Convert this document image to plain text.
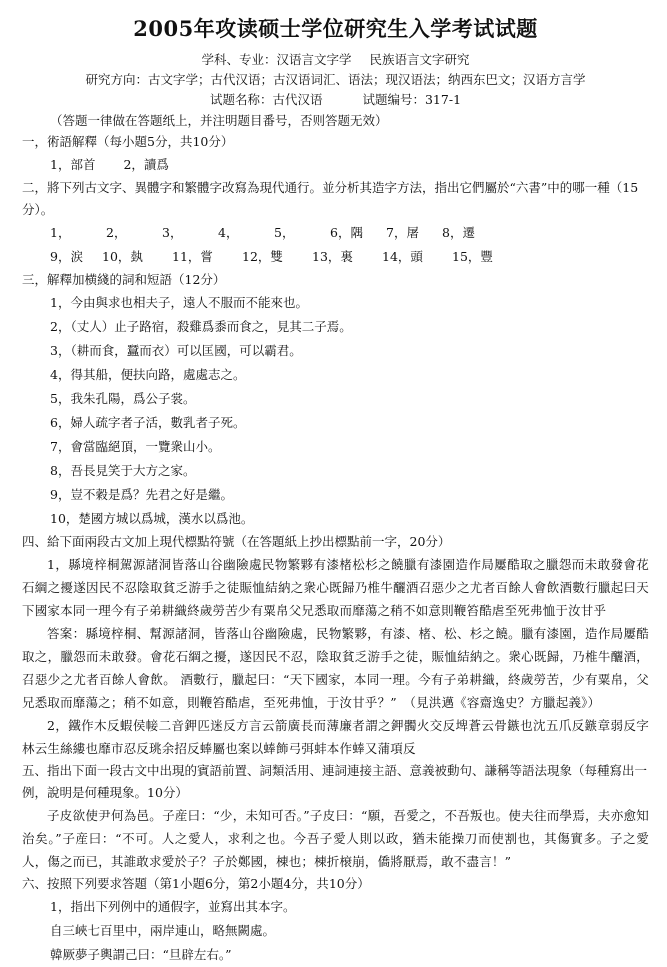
2005年攻读硕士学位研究生入学考试试题
学科、专业：汉语言文字学 民族语言文字研究
研究方向：古文字学；古代汉语；古汉语词汇、语法；现汉语法；纳西东巴文；汉语方言学
试题名称：古代汉语	试题编号：317-1
（答题一律做在答题纸上，并注明题目番号，否则答题无效）
一，術語解釋（每小題5分，共10分）
1，部首 2，讀爲
二，將下列古文字、異體字和繁體字改寫為現代通行。並分析其造字方法，指出它們屬於“六書”中的哪一種（15分）。
1，	2，	3，	4，	5，	6，隅	7，屠	8，遷
9，涙	10，埶	11，嘗	12，雙	13，裏	14，頭	15，豐
三，解釋加横綫的詞和短語（12分）
1，今由與求也相夫子，遠人不服而不能來也。
2，（丈人）止子路宿，殺雞爲黍而食之，見其二子焉。
3，（耕而食，蠶而衣）可以匡國，可以霸君。
4，得其船，便扶向路，處處志之。
5，我朱孔陽，爲公子裳。
6，婦人疏字者子活，數乳者子死。
7，會當臨絕頂，一覽衆山小。
8，吾長見笑于大方之家。
9，豈不穀是爲？先君之好是繼。
10，楚國方城以爲城，漢水以爲池。
四、給下面兩段古文加上現代標點符號（在答題紙上抄出標點前一字，20分）
1，縣境梓桐駕源諸洞皆落山谷幽險處民物繁夥有漆楮松杉之饒臘有漆園造作局屢酷取之臘怨而未敢發會花石綱之擾遂因民不忍陰取貧乏游手之徒賑恤結納之衆心既歸乃椎牛釃酒召惡少之尤者百餘人會飲酒數行臘起曰天下國家本同一理今有子弟耕織終歲勞苦少有粟帛父兄悉取而靡蕩之稍不如意則鞭笞酷虐至死弗恤于汝甘乎
答案：縣境梓桐、幫源諸洞，皆落山谷幽險處，民物繁夥，有漆、楮、松、杉之饒。臘有漆園，造作局屢酷取之，臘怨而未敢發。會花石綱之擾，遂因民不忍，陰取貧乏游手之徒，賑恤結納之。衆心既歸，乃椎牛釃酒，召惡少之尤者百餘人會飲。 酒數行，臘起曰：“天下國家，本同一理。今有子弟耕織，終歲勞苦，少有粟帛，父兄悉取而靡蕩之；稍不如意，則鞭笞酷虐，至死弗恤，于汝甘乎？”　（見洪邁《容齋逸史？方臘起義》）
2，鐵作木反蝦侯帹二音鉀匹迷反方言云箭廣長而薄廉者謂之鉀髑火交反埤蒼云骨鏃也沈五爪反鏃章弱反字林云生絲縷也靡市忍反珧余招反蜯屬也案以蜯飾弓弭蚌本作蜯又蒲項反
五、指出下面一段古文中出現的賓語前置、詞類活用、連詞連接主語、意義被動句、謙稱等語法現象（每種寫出一例，說明是何種現象。10分）
子皮欲使尹何為邑。子産曰：“少，未知可否。”子皮曰：“願，吾愛之，不吾叛也。使夫往而學焉，夫亦愈知治矣。”子産曰：“不可。人之愛人，求利之也。今吾子愛人則以政，猶未能操刀而使割也，其傷實多。子之愛人，傷之而已，其誰敢求愛於子？子於鄭國，棟也；棟折榱崩，僑將厭焉，敢不盡言！”
六、按照下列要求答題（第1小題6分，第2小題4分，共10分）
1，指出下列例中的通假字，並寫出其本字。
自三峽七百里中，兩岸連山，略無闕處。
韓厥夢子輿謂己曰：“旦辟左右。”
